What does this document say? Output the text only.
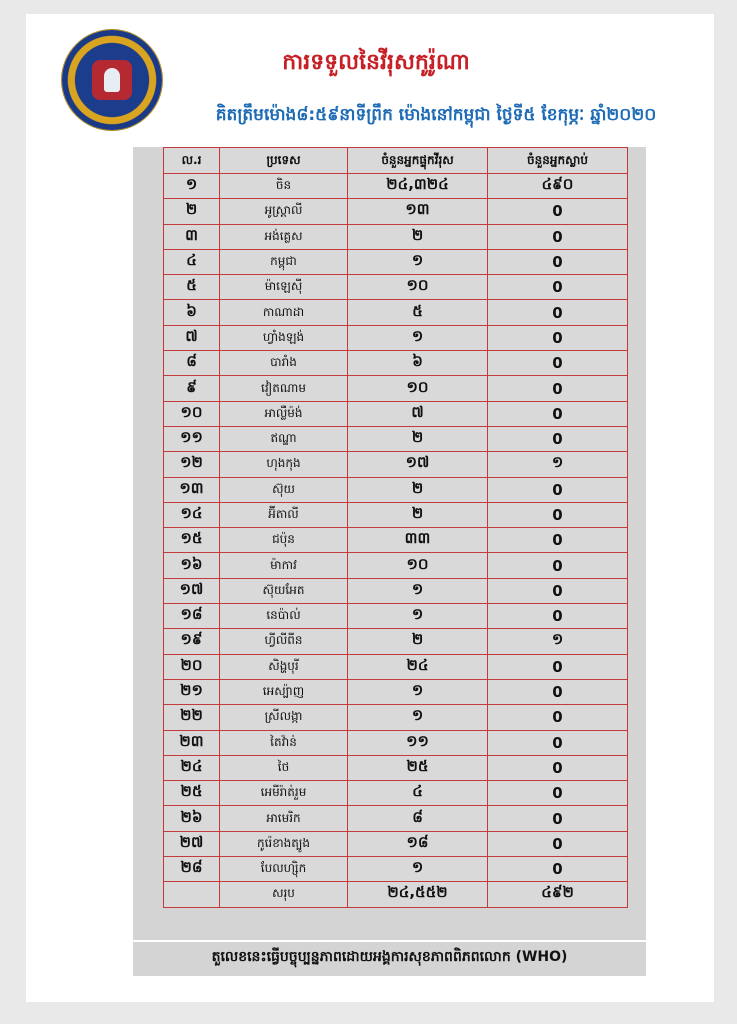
ការទទួលនៃវីរុសកូរ៉ូណា
គិតត្រឹមម៉ោង៨:៥៩នាទីព្រឹក ម៉ោងនៅកម្ពុជា ថ្ងៃទី៥ ខែកុម្ភៈ ឆ្នាំ២០២០
ល.រ	ប្រទេស	ចំនួនអ្នកផ្ទុកវីរុស	ចំនួនអ្នកស្លាប់
១	ចិន	២៤,៣២៤	៤៩០
២	អូស្ត្រាលី	១៣	0
៣	អង់គ្លេស	២	0
៤	កម្ពុជា	១	0
៥	ម៉ាឡេស៊ី	១០	0
៦	កាណាដា	៥	0
៧	ហ្វាំងឡង់	១	0
៨	បារាំង	៦	0
៩	វៀតណាម	១០	0
១០	អាល្លឺម៉ង់	៧	0
១១	ឥណ្ឌា	២	0
១២	ហុងកុង	១៧	១
១៣	ស៊ុយ	២	0
១៤	អ៊ីតាលី	២	0
១៥	ជប៉ុន	៣៣	0
១៦	ម៉ាកាវ	១០	0
១៧	ស៊ុយអែត	១	0
១៨	នេប៉ាល់	១	0
១៩	ហ្វីលីពីន	២	១
២០	សិង្ហបុរី	២៤	0
២១	អេស្ប៉ាញ	១	0
២២	ស្រីលង្កា	១	0
២៣	តៃវ៉ាន់	១១	0
២៤	ថៃ	២៥	0
២៥	អេមីរ៉ាត់រួម	៤	0
២៦	អាមេរិក	៨	0
២៧	កូរ៉េខាងត្បូង	១៨	0
២៨	បែលហ្ស៊ិក	១	0
	សរុប	២៤,៥៥២	៤៩២
តួលេខនេះធ្វើបច្ចុប្បន្នភាពដោយអង្គការសុខភាពពិភពលោក (WHO)
